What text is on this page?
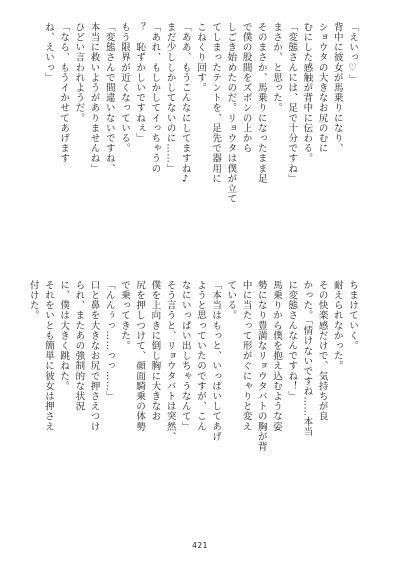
「えいっ♡」
背中に彼女が馬乗りになり、
ショウタの大きなお尻のむに
むにした感触が背中に伝わる。
「変態さんには、足で十分ですね」
まさか、と思った。
そのまさか、馬乗りになったまま足
で僕の股間をズボンの上から
しごき始めたのだ。リョウタは僕が立て
てしまったテントを、足先で器用に
こねくり回す。
「ああ、もうこんなにしてますね♪
まだ少ししかしてないのに……」
「あれ、もしかしてイっちゃうの
？　恥ずかしいですねぇ」
もう限界が近くなっている。
「変態さんで間違いないですね、
本当に救いようがありませんね」
ひどい言われようだ。
「なら、もうイかせてあげます
ね、えいっ」
ちまけていく。
耐えられなかった。
その快楽感だけで、気持ちが良
かった。「情けないですね……本当
に変態さんなんですね！」
馬乗りから僕を抱え込むような姿
勢になり豊満なリョウタバトの胸が背
中に当たって形がぐにゃりと変え
ている。
「本当はもっと、いっぱいしてあげ
ようと思っていたのですが、こん
なにいっぱい出しちゃうなんて」
そう言うと、リョウタバトは突然、
僕を上向きに倒し胸に大きなお
尻を押しつけて、顔面騎乗の体勢
で乗ってきた。
「んんぅっ……っっ……」
口と鼻を大きなお尻で押さえつけ
られ、またあの強制的な状況
に、僕は大きく跳ねた。
それをいとも簡単に彼女は押さえ
付けた。
421
